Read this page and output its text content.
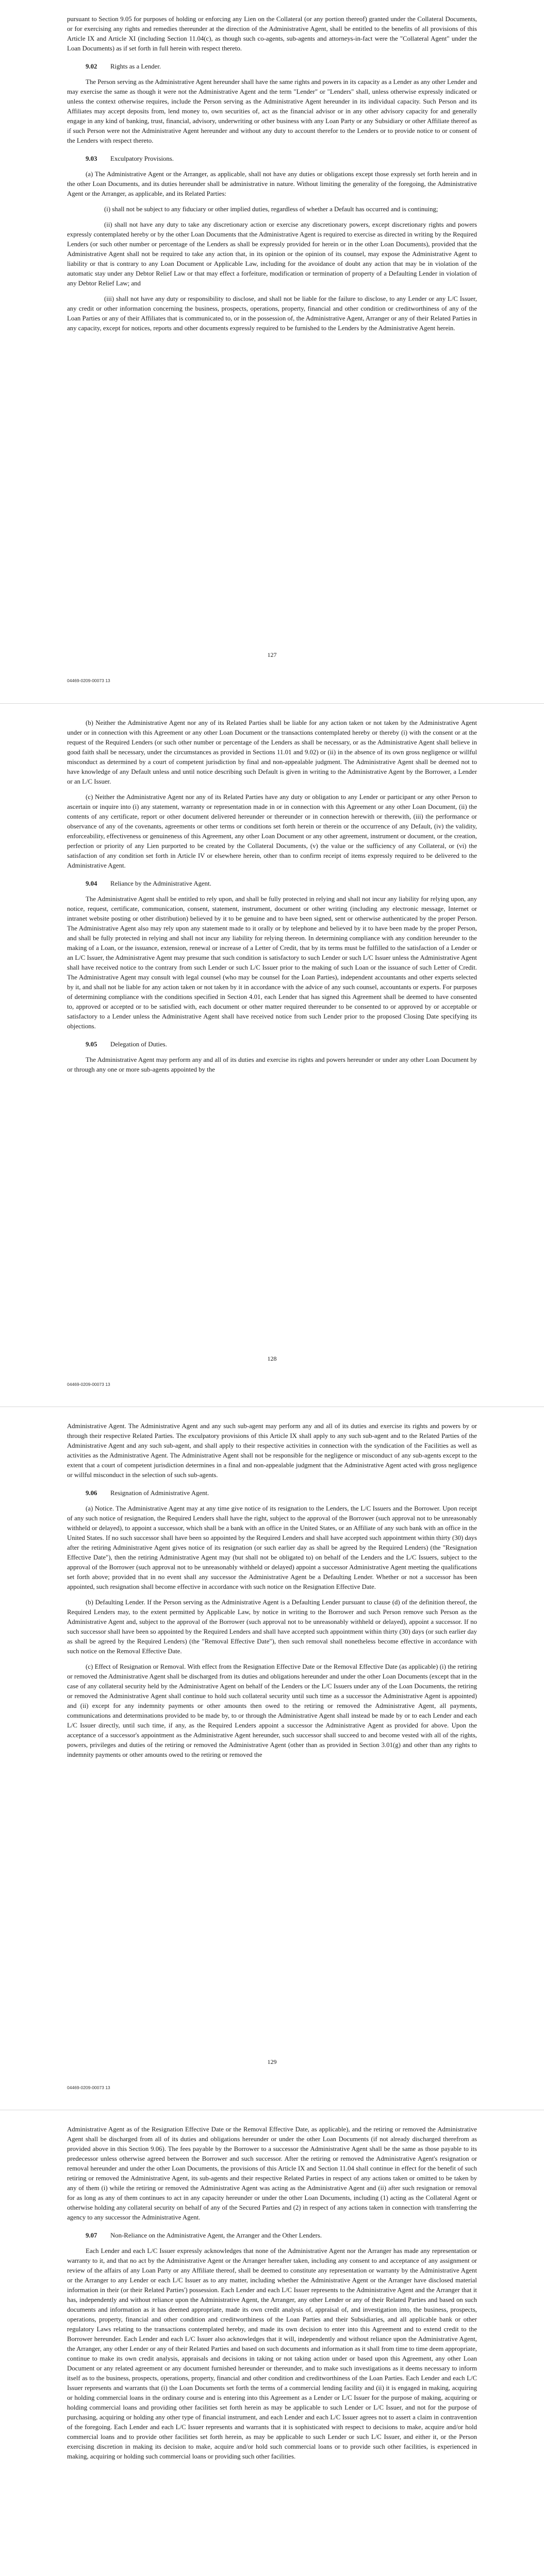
pursuant to Section 9.05 for purposes of holding or enforcing any Lien on the Collateral (or any portion thereof) granted under the Collateral Documents, or for exercising any rights and remedies thereunder at the direction of the Administrative Agent, shall be entitled to the benefits of all provisions of this Article IX and Article XI (including Section 11.04(c), as though such co-agents, sub-agents and attorneys-in-fact were the "Collateral Agent" under the Loan Documents) as if set forth in full herein with respect thereto.

9.02 Rights as a Lender.

The Person serving as the Administrative Agent hereunder shall have the same rights and powers in its capacity as a Lender as any other Lender and may exercise the same as though it were not the Administrative Agent and the term "Lender" or "Lenders" shall, unless otherwise expressly indicated or unless the context otherwise requires, include the Person serving as the Administrative Agent hereunder in its individual capacity. Such Person and its Affiliates may accept deposits from, lend money to, own securities of, act as the financial advisor or in any other advisory capacity for and generally engage in any kind of banking, trust, financial, advisory, underwriting or other business with any Loan Party or any Subsidiary or other Affiliate thereof as if such Person were not the Administrative Agent hereunder and without any duty to account therefor to the Lenders or to provide notice to or consent of the Lenders with respect thereto.

9.03 Exculpatory Provisions.

(a) The Administrative Agent or the Arranger, as applicable, shall not have any duties or obligations except those expressly set forth herein and in the other Loan Documents, and its duties hereunder shall be administrative in nature. Without limiting the generality of the foregoing, the Administrative Agent or the Arranger, as applicable, and its Related Parties:

(i) shall not be subject to any fiduciary or other implied duties, regardless of whether a Default has occurred and is continuing;

(ii) shall not have any duty to take any discretionary action or exercise any discretionary powers, except discretionary rights and powers expressly contemplated hereby or by the other Loan Documents that the Administrative Agent is required to exercise as directed in writing by the Required Lenders (or such other number or percentage of the Lenders as shall be expressly provided for herein or in the other Loan Documents), provided that the Administrative Agent shall not be required to take any action that, in its opinion or the opinion of its counsel, may expose the Administrative Agent to liability or that is contrary to any Loan Document or Applicable Law, including for the avoidance of doubt any action that may be in violation of the automatic stay under any Debtor Relief Law or that may effect a forfeiture, modification or termination of property of a Defaulting Lender in violation of any Debtor Relief Law; and

(iii) shall not have any duty or responsibility to disclose, and shall not be liable for the failure to disclose, to any Lender or any L/C Issuer, any credit or other information concerning the business, prospects, operations, property, financial and other condition or creditworthiness of any of the Loan Parties or any of their Affiliates that is communicated to, or in the possession of, the Administrative Agent, Arranger or any of their Related Parties in any capacity, except for notices, reports and other documents expressly required to be furnished to the Lenders by the Administrative Agent herein.

127
04469-0209-00073 13

(b) Neither the Administrative Agent nor any of its Related Parties shall be liable for any action taken or not taken by the Administrative Agent under or in connection with this Agreement or any other Loan Document or the transactions contemplated hereby or thereby (i) with the consent or at the request of the Required Lenders (or such other number or percentage of the Lenders as shall be necessary, or as the Administrative Agent shall believe in good faith shall be necessary, under the circumstances as provided in Sections 11.01 and 9.02) or (ii) in the absence of its own gross negligence or willful misconduct as determined by a court of competent jurisdiction by final and non-appealable judgment. The Administrative Agent shall be deemed not to have knowledge of any Default unless and until notice describing such Default is given in writing to the Administrative Agent by the Borrower, a Lender or an L/C Issuer.

(c) Neither the Administrative Agent nor any of its Related Parties have any duty or obligation to any Lender or participant or any other Person to ascertain or inquire into (i) any statement, warranty or representation made in or in connection with this Agreement or any other Loan Document, (ii) the contents of any certificate, report or other document delivered hereunder or thereunder or in connection herewith or therewith, (iii) the performance or observance of any of the covenants, agreements or other terms or conditions set forth herein or therein or the occurrence of any Default, (iv) the validity, enforceability, effectiveness or genuineness of this Agreement, any other Loan Document or any other agreement, instrument or document, or the creation, perfection or priority of any Lien purported to be created by the Collateral Documents, (v) the value or the sufficiency of any Collateral, or (vi) the satisfaction of any condition set forth in Article IV or elsewhere herein, other than to confirm receipt of items expressly required to be delivered to the Administrative Agent.

9.04 Reliance by the Administrative Agent.

The Administrative Agent shall be entitled to rely upon, and shall be fully protected in relying and shall not incur any liability for relying upon, any notice, request, certificate, communication, consent, statement, instrument, document or other writing (including any electronic message, Internet or intranet website posting or other distribution) believed by it to be genuine and to have been signed, sent or otherwise authenticated by the proper Person. The Administrative Agent also may rely upon any statement made to it orally or by telephone and believed by it to have been made by the proper Person, and shall be fully protected in relying and shall not incur any liability for relying thereon. In determining compliance with any condition hereunder to the making of a Loan, or the issuance, extension, renewal or increase of a Letter of Credit, that by its terms must be fulfilled to the satisfaction of a Lender or an L/C Issuer, the Administrative Agent may presume that such condition is satisfactory to such Lender or such L/C Issuer unless the Administrative Agent shall have received notice to the contrary from such Lender or such L/C Issuer prior to the making of such Loan or the issuance of such Letter of Credit. The Administrative Agent may consult with legal counsel (who may be counsel for the Loan Parties), independent accountants and other experts selected by it, and shall not be liable for any action taken or not taken by it in accordance with the advice of any such counsel, accountants or experts. For purposes of determining compliance with the conditions specified in Section 4.01, each Lender that has signed this Agreement shall be deemed to have consented to, approved or accepted or to be satisfied with, each document or other matter required thereunder to be consented to or approved by or acceptable or satisfactory to a Lender unless the Administrative Agent shall have received notice from such Lender prior to the proposed Closing Date specifying its objections.

9.05 Delegation of Duties.

The Administrative Agent may perform any and all of its duties and exercise its rights and powers hereunder or under any other Loan Document by or through any one or more sub-agents appointed by the

128
04469-0209-00073 13

Administrative Agent. The Administrative Agent and any such sub-agent may perform any and all of its duties and exercise its rights and powers by or through their respective Related Parties. The exculpatory provisions of this Article IX shall apply to any such sub-agent and to the Related Parties of the Administrative Agent and any such sub-agent, and shall apply to their respective activities in connection with the syndication of the Facilities as well as activities as the Administrative Agent. The Administrative Agent shall not be responsible for the negligence or misconduct of any sub-agents except to the extent that a court of competent jurisdiction determines in a final and non-appealable judgment that the Administrative Agent acted with gross negligence or willful misconduct in the selection of such sub-agents.

9.06 Resignation of Administrative Agent.

(a) Notice. The Administrative Agent may at any time give notice of its resignation to the Lenders, the L/C Issuers and the Borrower. Upon receipt of any such notice of resignation, the Required Lenders shall have the right, subject to the approval of the Borrower (such approval not to be unreasonably withheld or delayed), to appoint a successor, which shall be a bank with an office in the United States, or an Affiliate of any such bank with an office in the United States. If no such successor shall have been so appointed by the Required Lenders and shall have accepted such appointment within thirty (30) days after the retiring Administrative Agent gives notice of its resignation (or such earlier day as shall be agreed by the Required Lenders) (the "Resignation Effective Date"), then the retiring Administrative Agent may (but shall not be obligated to) on behalf of the Lenders and the L/C Issuers, subject to the approval of the Borrower (such approval not to be unreasonably withheld or delayed) appoint a successor Administrative Agent meeting the qualifications set forth above; provided that in no event shall any successor the Administrative Agent be a Defaulting Lender. Whether or not a successor has been appointed, such resignation shall become effective in accordance with such notice on the Resignation Effective Date.

(b) Defaulting Lender. If the Person serving as the Administrative Agent is a Defaulting Lender pursuant to clause (d) of the definition thereof, the Required Lenders may, to the extent permitted by Applicable Law, by notice in writing to the Borrower and such Person remove such Person as the Administrative Agent and, subject to the approval of the Borrower (such approval not to be unreasonably withheld or delayed), appoint a successor. If no such successor shall have been so appointed by the Required Lenders and shall have accepted such appointment within thirty (30) days (or such earlier day as shall be agreed by the Required Lenders) (the "Removal Effective Date"), then such removal shall nonetheless become effective in accordance with such notice on the Removal Effective Date.

(c) Effect of Resignation or Removal. With effect from the Resignation Effective Date or the Removal Effective Date (as applicable) (i) the retiring or removed the Administrative Agent shall be discharged from its duties and obligations hereunder and under the other Loan Documents (except that in the case of any collateral security held by the Administrative Agent on behalf of the Lenders or the L/C Issuers under any of the Loan Documents, the retiring or removed the Administrative Agent shall continue to hold such collateral security until such time as a successor the Administrative Agent is appointed) and (ii) except for any indemnity payments or other amounts then owed to the retiring or removed the Administrative Agent, all payments, communications and determinations provided to be made by, to or through the Administrative Agent shall instead be made by or to each Lender and each L/C Issuer directly, until such time, if any, as the Required Lenders appoint a successor the Administrative Agent as provided for above. Upon the acceptance of a successor's appointment as the Administrative Agent hereunder, such successor shall succeed to and become vested with all of the rights, powers, privileges and duties of the retiring or removed the Administrative Agent (other than as provided in Section 3.01(g) and other than any rights to indemnity payments or other amounts owed to the retiring or removed the

129
04469-0209-00073 13

Administrative Agent as of the Resignation Effective Date or the Removal Effective Date, as applicable), and the retiring or removed the Administrative Agent shall be discharged from all of its duties and obligations hereunder or under the other Loan Documents (if not already discharged therefrom as provided above in this Section 9.06). The fees payable by the Borrower to a successor the Administrative Agent shall be the same as those payable to its predecessor unless otherwise agreed between the Borrower and such successor. After the retiring or removed the Administrative Agent's resignation or removal hereunder and under the other Loan Documents, the provisions of this Article IX and Section 11.04 shall continue in effect for the benefit of such retiring or removed the Administrative Agent, its sub-agents and their respective Related Parties in respect of any actions taken or omitted to be taken by any of them (i) while the retiring or removed the Administrative Agent was acting as the Administrative Agent and (ii) after such resignation or removal for as long as any of them continues to act in any capacity hereunder or under the other Loan Documents, including (1) acting as the Collateral Agent or otherwise holding any collateral security on behalf of any of the Secured Parties and (2) in respect of any actions taken in connection with transferring the agency to any successor the Administrative Agent.

9.07 Non-Reliance on the Administrative Agent, the Arranger and the Other Lenders.

Each Lender and each L/C Issuer expressly acknowledges that none of the Administrative Agent nor the Arranger has made any representation or warranty to it, and that no act by the Administrative Agent or the Arranger hereafter taken, including any consent to and acceptance of any assignment or review of the affairs of any Loan Party or any Affiliate thereof, shall be deemed to constitute any representation or warranty by the Administrative Agent or the Arranger to any Lender or each L/C Issuer as to any matter, including whether the Administrative Agent or the Arranger have disclosed material information in their (or their Related Parties') possession. Each Lender and each L/C Issuer represents to the Administrative Agent and the Arranger that it has, independently and without reliance upon the Administrative Agent, the Arranger, any other Lender or any of their Related Parties and based on such documents and information as it has deemed appropriate, made its own credit analysis of, appraisal of, and investigation into, the business, prospects, operations, property, financial and other condition and creditworthiness of the Loan Parties and their Subsidiaries, and all applicable bank or other regulatory Laws relating to the transactions contemplated hereby, and made its own decision to enter into this Agreement and to extend credit to the Borrower hereunder. Each Lender and each L/C Issuer also acknowledges that it will, independently and without reliance upon the Administrative Agent, the Arranger, any other Lender or any of their Related Parties and based on such documents and information as it shall from time to time deem appropriate, continue to make its own credit analysis, appraisals and decisions in taking or not taking action under or based upon this Agreement, any other Loan Document or any related agreement or any document furnished hereunder or thereunder, and to make such investigations as it deems necessary to inform itself as to the business, prospects, operations, property, financial and other condition and creditworthiness of the Loan Parties. Each Lender and each L/C Issuer represents and warrants that (i) the Loan Documents set forth the terms of a commercial lending facility and (ii) it is engaged in making, acquiring or holding commercial loans in the ordinary course and is entering into this Agreement as a Lender or L/C Issuer for the purpose of making, acquiring or holding commercial loans and providing other facilities set forth herein as may be applicable to such Lender or L/C Issuer, and not for the purpose of purchasing, acquiring or holding any other type of financial instrument, and each Lender and each L/C Issuer agrees not to assert a claim in contravention of the foregoing. Each Lender and each L/C Issuer represents and warrants that it is sophisticated with respect to decisions to make, acquire and/or hold commercial loans and to provide other facilities set forth herein, as may be applicable to such Lender or such L/C Issuer, and either it, or the Person exercising discretion in making its decision to make, acquire and/or hold such commercial loans or to provide such other facilities, is experienced in making, acquiring or holding such commercial loans or providing such other facilities.
